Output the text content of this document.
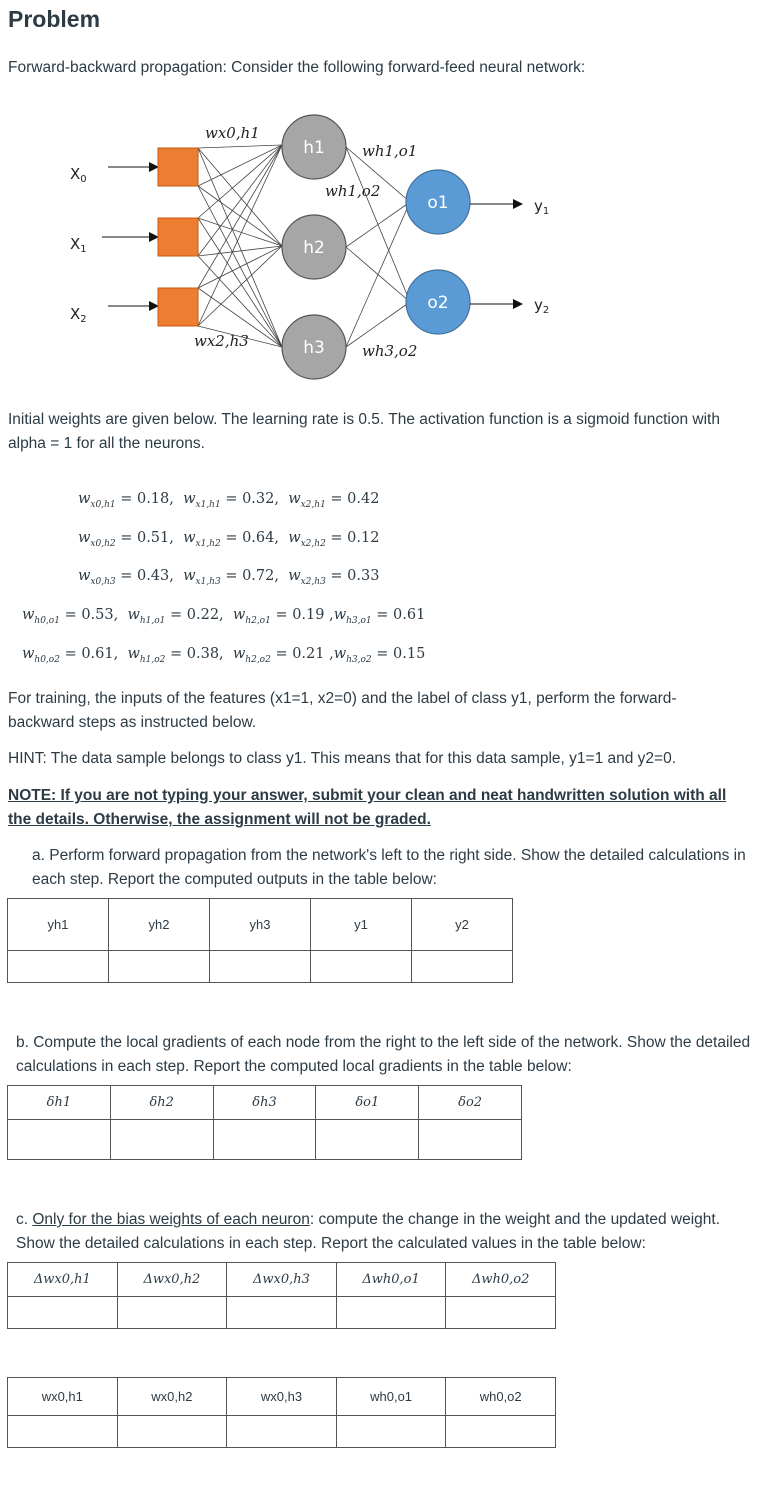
Problem
Forward-backward propagation: Consider the following forward-feed neural network:
$X_0$
$X_1$
$X_2$
h1
h2
h3
o1
o2
$y_1$
$y_2$
wx0,h1
wx2,h3
wh1,o1
wh1,o2
wh3,o2
Initial weights are given below. The learning rate is 0.5. The activation function is a sigmoid function with alpha = 1 for all the neurons.
$w_{x0,h1} = 0.18$, $w_{x1,h1} = 0.32$, $w_{x2,h1} = 0.42$
$w_{x0,h2} = 0.51$, $w_{x1,h2} = 0.64$, $w_{x2,h2} = 0.12$
$w_{x0,h3} = 0.43$, $w_{x1,h3} = 0.72$, $w_{x2,h3} = 0.33$
$w_{h0,o1} = 0.53$, $w_{h1,o1} = 0.22$, $w_{h2,o1} = 0.19$ $,w_{h3,o1} = 0.61$
$w_{h0,o2} = 0.61$, $w_{h1,o2} = 0.38$, $w_{h2,o2} = 0.21$ $,w_{h3,o2} = 0.15$
For training, the inputs of the features (x1=1, x2=0) and the label of class y1, perform the forward-backward steps as instructed below.
HINT: The data sample belongs to class y1. This means that for this data sample, y1=1 and y2=0.
NOTE: If you are not typing your answer, submit your clean and neat handwritten solution with all the details. Otherwise, the assignment will not be graded.
a. Perform forward propagation from the network's left to the right side. Show the detailed calculations in each step. Report the computed outputs in the table below:
yh1	yh2	yh3	y1	y2

b. Compute the local gradients of each node from the right to the left side of the network. Show the detailed calculations in each step. Report the computed local gradients in the table below:
δh1	δh2	δh3	δo1	δo2

c. Only for the bias weights of each neuron: compute the change in the weight and the updated weight. Show the detailed calculations in each step. Report the calculated values in the table below:
Δwx0,h1	Δwx0,h2	Δwx0,h3	Δwh0,o1	Δwh0,o2

wx0,h1	wx0,h2	wx0,h3	wh0,o1	wh0,o2
